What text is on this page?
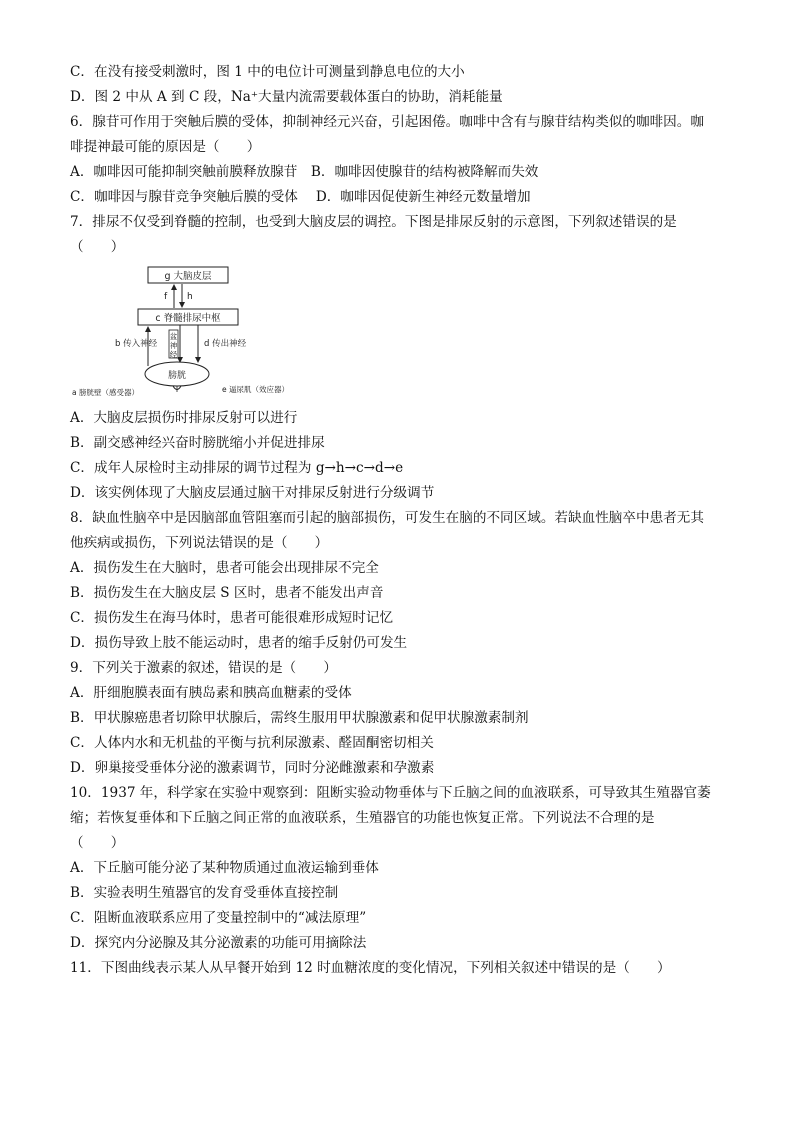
C．在没有接受刺激时，图 1 中的电位计可测量到静息电位的大小
D．图 2 中从 A 到 C 段，Na⁺大量内流需要载体蛋白的协助，消耗能量
6．腺苷可作用于突触后膜的受体，抑制神经元兴奋，引起困倦。咖啡中含有与腺苷结构类似的咖啡因。咖
啡提神最可能的原因是（　　）
A．咖啡因可能抑制突触前膜释放腺苷　B．咖啡因使腺苷的结构被降解而失效
C．咖啡因与腺苷竞争突触后膜的受体　 D．咖啡因促使新生神经元数量增加
7．排尿不仅受到脊髓的控制，也受到大脑皮层的调控。下图是排尿反射的示意图，下列叙述错误的是
（　　）
g 大脑皮层
f h
c 脊髓排尿中枢
b 传入神经
盆
神
经
d 传出神经
膀胱
a 膀胱壁（感受器）	e 逼尿肌（效应器）
A．大脑皮层损伤时排尿反射可以进行
B．副交感神经兴奋时膀胱缩小并促进排尿
C．成年人尿检时主动排尿的调节过程为 g→h→c→d→e
D．该实例体现了大脑皮层通过脑干对排尿反射进行分级调节
8．缺血性脑卒中是因脑部血管阻塞而引起的脑部损伤，可发生在脑的不同区域。若缺血性脑卒中患者无其
他疾病或损伤，下列说法错误的是（　　）
A．损伤发生在大脑时，患者可能会出现排尿不完全
B．损伤发生在大脑皮层 S 区时，患者不能发出声音
C．损伤发生在海马体时，患者可能很难形成短时记忆
D．损伤导致上肢不能运动时，患者的缩手反射仍可发生
9．下列关于激素的叙述，错误的是（　　）
A．肝细胞膜表面有胰岛素和胰高血糖素的受体
B．甲状腺癌患者切除甲状腺后，需终生服用甲状腺激素和促甲状腺激素制剂
C．人体内水和无机盐的平衡与抗利尿激素、醛固酮密切相关
D．卵巢接受垂体分泌的激素调节，同时分泌雌激素和孕激素
10．1937 年，科学家在实验中观察到：阻断实验动物垂体与下丘脑之间的血液联系，可导致其生殖器官萎
缩；若恢复垂体和下丘脑之间正常的血液联系，生殖器官的功能也恢复正常。下列说法不合理的是
（　　）
A．下丘脑可能分泌了某种物质通过血液运输到垂体
B．实验表明生殖器官的发育受垂体直接控制
C．阻断血液联系应用了变量控制中的“减法原理”
D．探究内分泌腺及其分泌激素的功能可用摘除法
11．下图曲线表示某人从早餐开始到 12 时血糖浓度的变化情况，下列相关叙述中错误的是（　　）
